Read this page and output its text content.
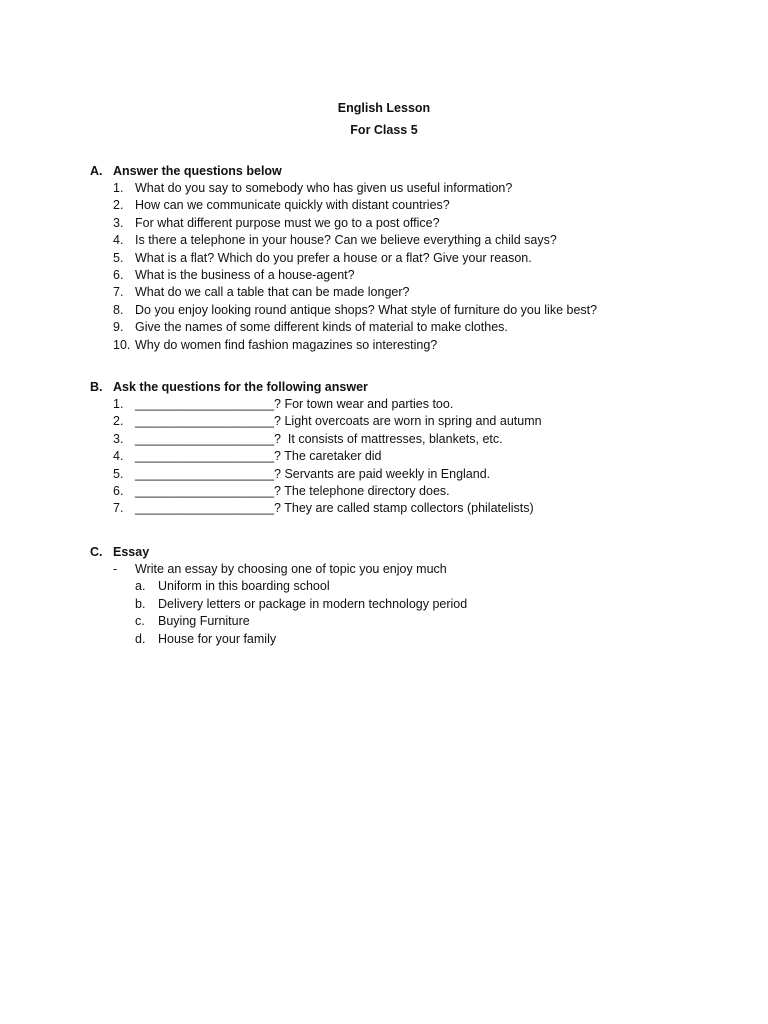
English Lesson
For Class 5
A. Answer the questions below
1. What do you say to somebody who has given us useful information?
2. How can we communicate quickly with distant countries?
3. For what different purpose must we go to a post office?
4. Is there a telephone in your house? Can we believe everything a child says?
5. What is a flat? Which do you prefer a house or a flat? Give your reason.
6. What is the business of a house-agent?
7. What do we call a table that can be made longer?
8. Do you enjoy looking round antique shops? What style of furniture do you like best?
9. Give the names of some different kinds of material to make clothes.
10. Why do women find fashion magazines so interesting?
B. Ask the questions for the following answer
1. ____________________? For town wear and parties too.
2. ____________________? Light overcoats are worn in spring and autumn
3. ____________________?  It consists of mattresses, blankets, etc.
4. ____________________? The caretaker did
5. ____________________? Servants are paid weekly in England.
6. ____________________? The telephone directory does.
7. ____________________? They are called stamp collectors (philatelists)
C. Essay
-	Write an essay by choosing one of topic you enjoy much
a.	Uniform in this boarding school
b.	Delivery letters or package in modern technology period
c.	Buying Furniture
d.	House for your family
